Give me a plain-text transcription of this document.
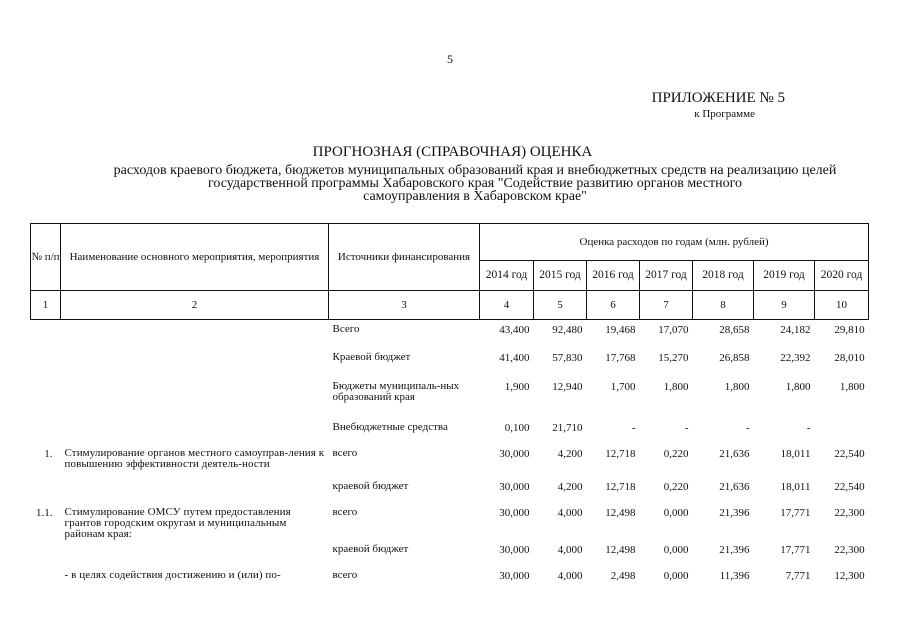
5
ПРИЛОЖЕНИЕ № 5
к Программе
ПРОГНОЗНАЯ (СПРАВОЧНАЯ) ОЦЕНКА
расходов краевого бюджета, бюджетов муниципальных образований края и внебюджетных средств на реализацию целей
государственной программы Хабаровского края "Содействие развитию органов местного
самоуправления в Хабаровском крае"
№ п/п	Наименование основного мероприятия, мероприятия	Источники финансирования	Оценка расходов по годам (млн. рублей)						
			2014 год	2015 год	2016 год	2017 год	2018 год	2019 год	2020 год
1	2	3	4	5	6	7	8	9	10
		Всего	43,400	92,480	19,468	17,070	28,658	24,182	29,810
		Краевой бюджет	41,400	57,830	17,768	15,270	26,858	22,392	28,010
		Бюджеты муниципаль-ных образований края	1,900	12,940	1,700	1,800	1,800	1,800	1,800
		Внебюджетные средства	0,100	21,710	-	-	-	-	
1.	Стимулирование органов местного самоуправ-ления к повышению эффективности деятель-ности	всего	30,000	4,200	12,718	0,220	21,636	18,011	22,540
		краевой бюджет	30,000	4,200	12,718	0,220	21,636	18,011	22,540
1.1.	Стимулирование ОМСУ путем предоставления грантов городским округам и муниципальным районам края:	всего	30,000	4,000	12,498	0,000	21,396	17,771	22,300
		краевой бюджет	30,000	4,000	12,498	0,000	21,396	17,771	22,300
	- в целях содействия достижению и (или) по-	всего	30,000	4,000	2,498	0,000	11,396	7,771	12,300
